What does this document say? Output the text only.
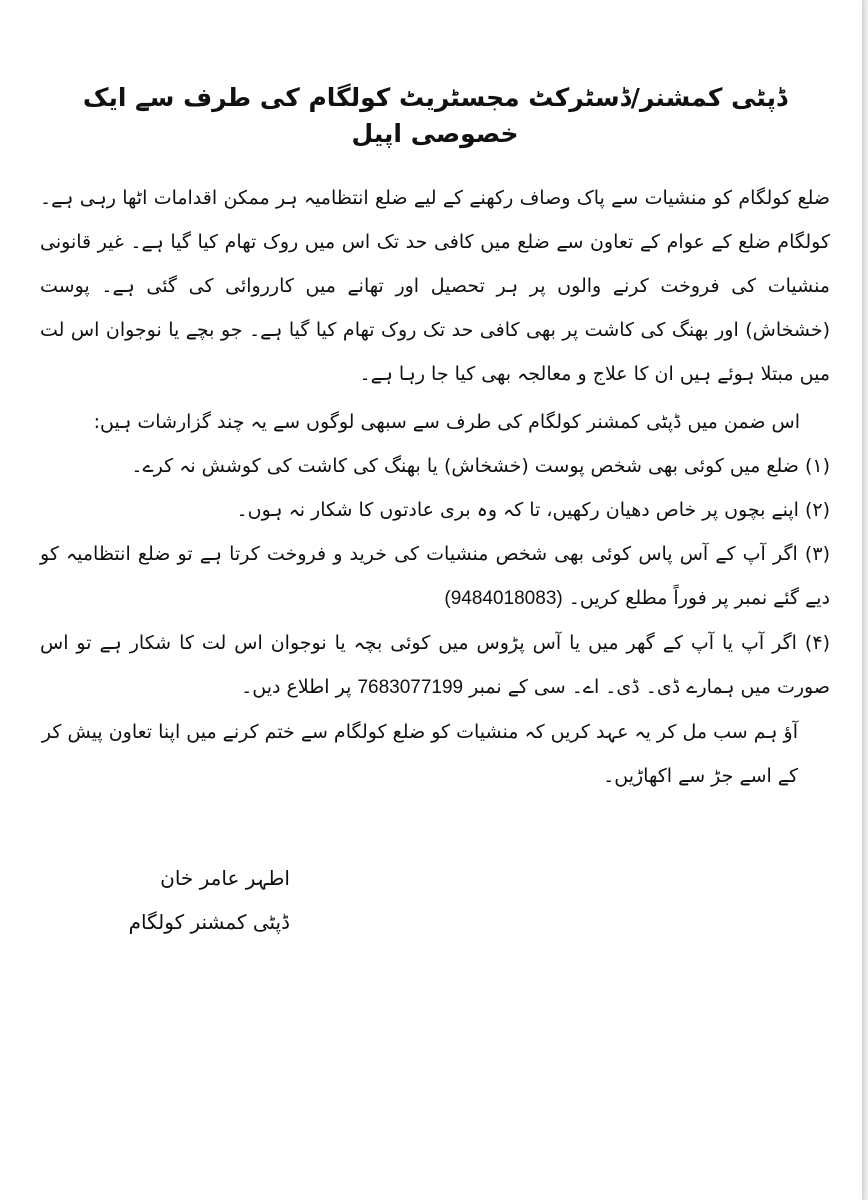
ڈپٹی کمشنر/ڈسٹرکٹ مجسٹریٹ کولگام کی طرف سے ایک خصوصی اپیل

ضلع کولگام کو منشیات سے پاک وصاف رکھنے کے لیے ضلع انتظامیہ ہر ممکن اقدامات اٹھا رہی ہے۔ کولگام ضلع کے عوام کے تعاون سے ضلع میں کافی حد تک اس میں روک تھام کیا گیا ہے۔ غیر قانونی منشیات کی فروخت کرنے والوں پر ہر تحصیل اور تھانے میں کارروائی کی گئی ہے۔ پوست (خشخاش) اور بھنگ کی کاشت پر بھی کافی حد تک روک تھام کیا گیا ہے۔ جو بچے یا نوجوان اس لت میں مبتلا ہوئے ہیں ان کا علاج و معالجہ بھی کیا جا رہا ہے۔

اس ضمن میں ڈپٹی کمشنر کولگام کی طرف سے سبھی لوگوں سے یہ چند گزارشات ہیں:

(۱) ضلع میں کوئی بھی شخص پوست (خشخاش) یا بھنگ کی کاشت کی کوشش نہ کرے۔

(۲) اپنے بچوں پر خاص دھیان رکھیں، تا کہ وہ بری عادتوں کا شکار نہ ہوں۔

(۳) اگر آپ کے آس پاس کوئی بھی شخص منشیات کی خرید و فروخت کرتا ہے تو ضلع انتظامیہ کو دیے گئے نمبر پر فوراً مطلع کریں۔ (9484018083)

(۴) اگر آپ یا آپ کے گھر میں یا آس پڑوس میں کوئی بچہ یا نوجوان اس لت کا شکار ہے تو اس صورت میں ہمارے ڈی۔ ڈی۔ اے۔ سی کے نمبر 7683077199 پر اطلاع دیں۔

آؤ ہم سب مل کر یہ عہد کریں کہ منشیات کو ضلع کولگام سے ختم کرنے میں اپنا تعاون پیش کر کے اسے جڑ سے اکھاڑیں۔

اطہر عامر خان
ڈپٹی کمشنر کولگام
